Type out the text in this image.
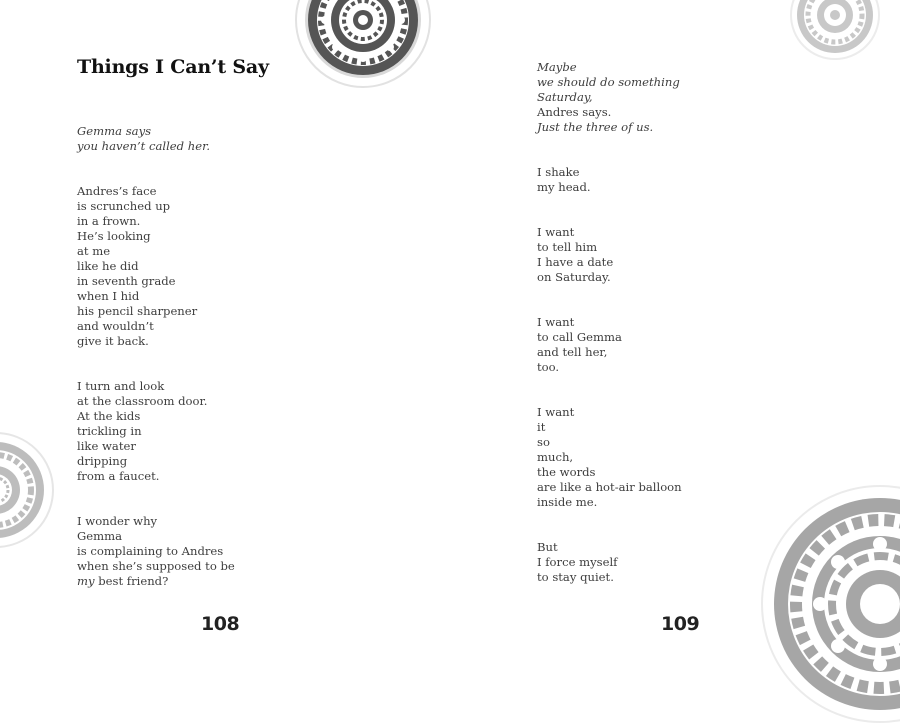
Things I Can’t Say
Gemma says
you haven’t called her.
Andres’s face
is scrunched up
in a frown.
He’s looking
at me
like he did
in seventh grade
when I hid
his pencil sharpener
and wouldn’t
give it back.
I turn and look
at the classroom door.
At the kids
trickling in
like water
dripping
from a faucet.
I wonder why
Gemma
is complaining to Andres
when she’s supposed to be
my best friend?
108
Maybe
we should do something
Saturday,
Andres says.
Just the three of us.
I shake
my head.
I want
to tell him
I have a date
on Saturday.
I want
to call Gemma
and tell her,
too.
I want
it
so
much,
the words
are like a hot-air balloon
inside me.
But
I force myself
to stay quiet.
109
